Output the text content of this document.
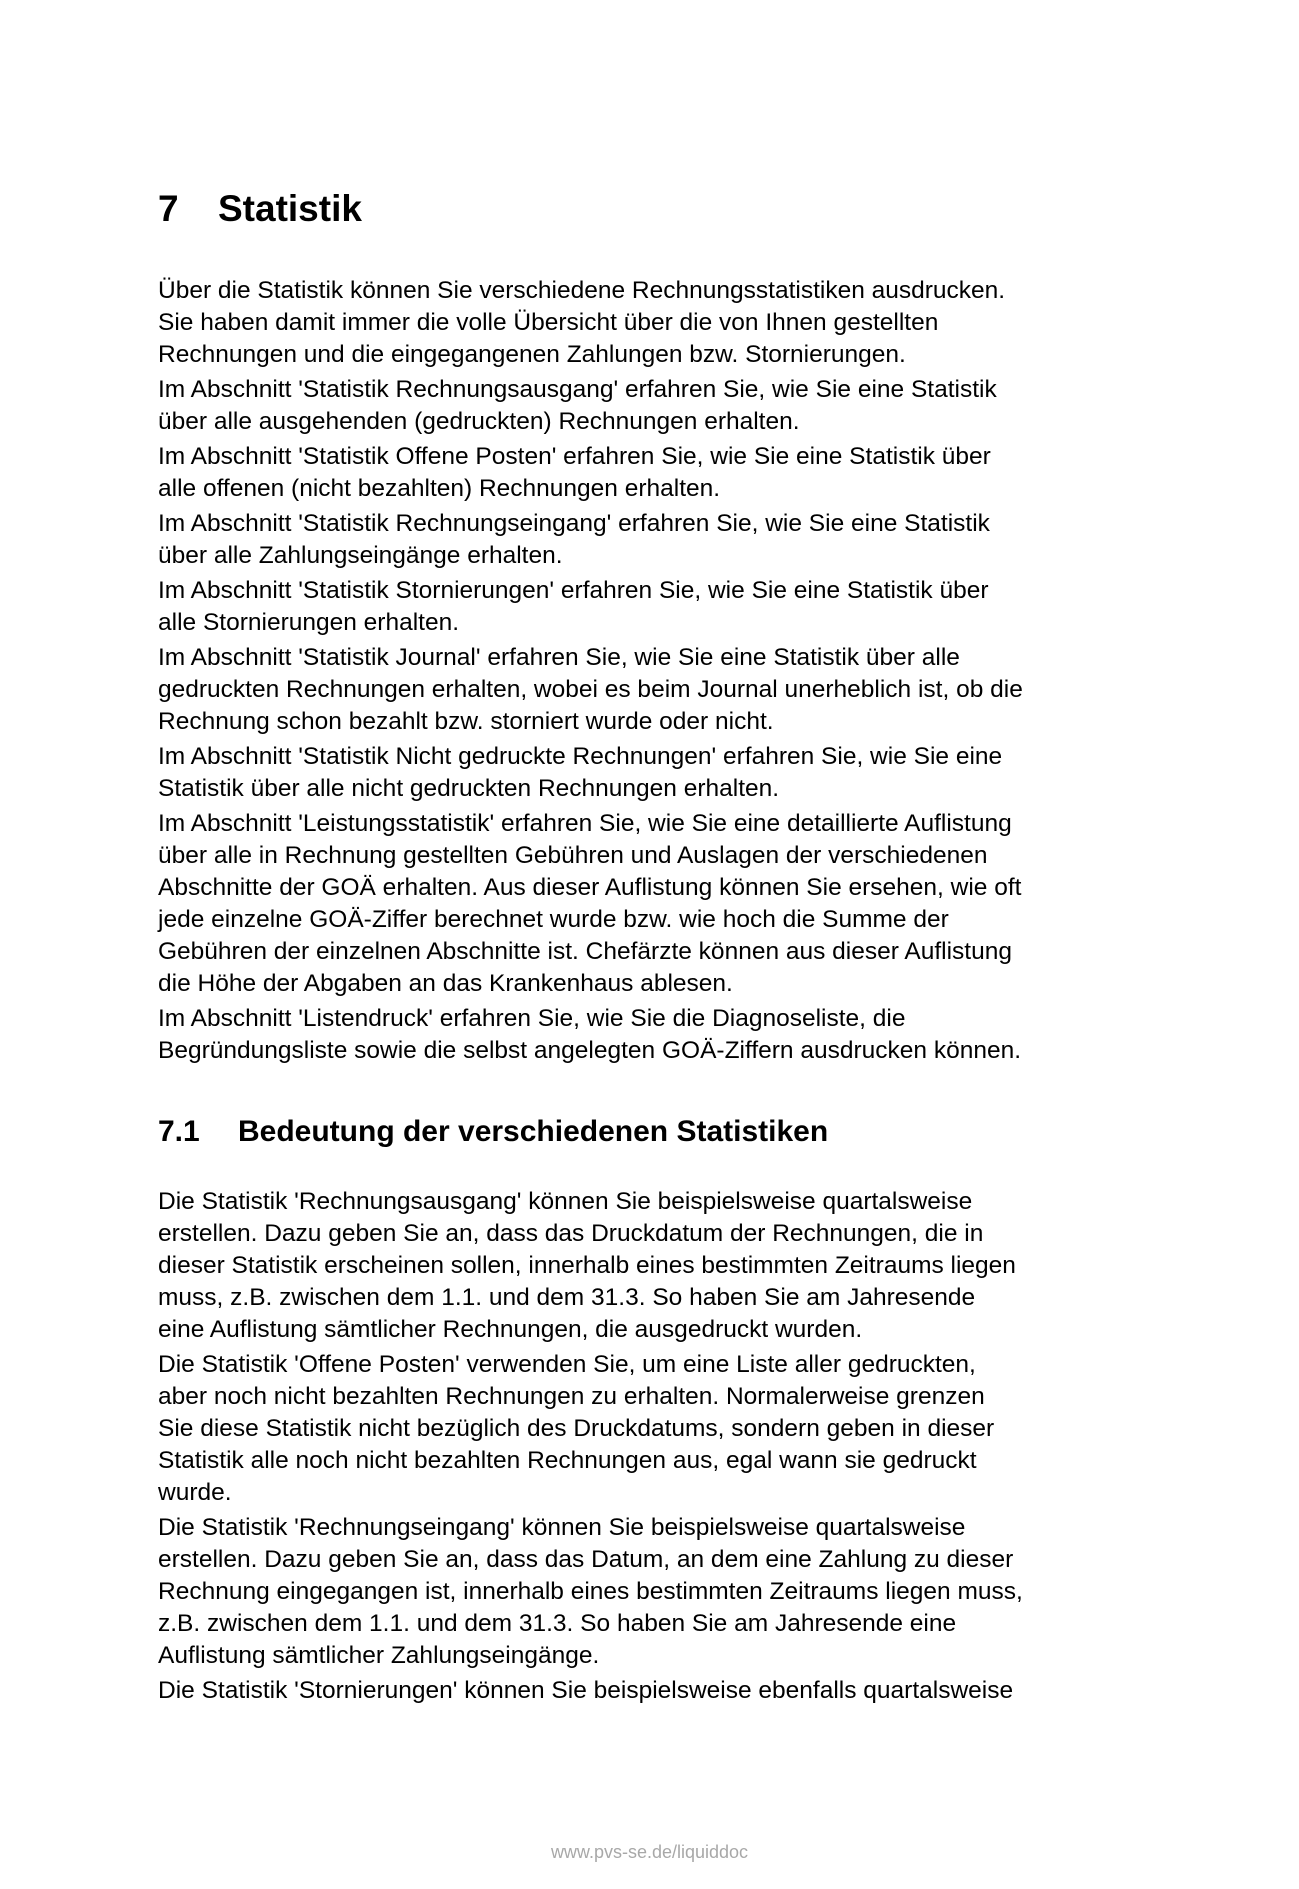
7 Statistik

Über die Statistik können Sie verschiedene Rechnungsstatistiken ausdrucken.
Sie haben damit immer die volle Übersicht über die von Ihnen gestellten
Rechnungen und die eingegangenen Zahlungen bzw. Stornierungen.

Im Abschnitt 'Statistik Rechnungsausgang' erfahren Sie, wie Sie eine Statistik
über alle ausgehenden (gedruckten) Rechnungen erhalten.

Im Abschnitt 'Statistik Offene Posten' erfahren Sie, wie Sie eine Statistik über
alle offenen (nicht bezahlten) Rechnungen erhalten.

Im Abschnitt 'Statistik Rechnungseingang' erfahren Sie, wie Sie eine Statistik
über alle Zahlungseingänge erhalten.

Im Abschnitt 'Statistik Stornierungen' erfahren Sie, wie Sie eine Statistik über
alle Stornierungen erhalten.

Im Abschnitt 'Statistik Journal' erfahren Sie, wie Sie eine Statistik über alle
gedruckten Rechnungen erhalten, wobei es beim Journal unerheblich ist, ob die
Rechnung schon bezahlt bzw. storniert wurde oder nicht.

Im Abschnitt 'Statistik Nicht gedruckte Rechnungen' erfahren Sie, wie Sie eine
Statistik über alle nicht gedruckten Rechnungen erhalten.

Im Abschnitt 'Leistungsstatistik' erfahren Sie, wie Sie eine detaillierte Auflistung
über alle in Rechnung gestellten Gebühren und Auslagen der verschiedenen
Abschnitte der GOÄ erhalten. Aus dieser Auflistung können Sie ersehen, wie oft
jede einzelne GOÄ-Ziffer berechnet wurde bzw. wie hoch die Summe der
Gebühren der einzelnen Abschnitte ist. Chefärzte können aus dieser Auflistung
die Höhe der Abgaben an das Krankenhaus ablesen.

Im Abschnitt 'Listendruck' erfahren Sie, wie Sie die Diagnoseliste, die
Begründungsliste sowie die selbst angelegten GOÄ-Ziffern ausdrucken können.

7.1 Bedeutung der verschiedenen Statistiken

Die Statistik 'Rechnungsausgang' können Sie beispielsweise quartalsweise
erstellen. Dazu geben Sie an, dass das Druckdatum der Rechnungen, die in
dieser Statistik erscheinen sollen, innerhalb eines bestimmten Zeitraums liegen
muss, z.B. zwischen dem 1.1. und dem 31.3. So haben Sie am Jahresende
eine Auflistung sämtlicher Rechnungen, die ausgedruckt wurden.

Die Statistik 'Offene Posten' verwenden Sie, um eine Liste aller gedruckten,
aber noch nicht bezahlten Rechnungen zu erhalten. Normalerweise grenzen
Sie diese Statistik nicht bezüglich des Druckdatums, sondern geben in dieser
Statistik alle noch nicht bezahlten Rechnungen aus, egal wann sie gedruckt
wurde.

Die Statistik 'Rechnungseingang' können Sie beispielsweise quartalsweise
erstellen. Dazu geben Sie an, dass das Datum, an dem eine Zahlung zu dieser
Rechnung eingegangen ist, innerhalb eines bestimmten Zeitraums liegen muss,
z.B. zwischen dem 1.1. und dem 31.3. So haben Sie am Jahresende eine
Auflistung sämtlicher Zahlungseingänge.

Die Statistik 'Stornierungen' können Sie beispielsweise ebenfalls quartalsweise

www.pvs-se.de/liquiddoc
